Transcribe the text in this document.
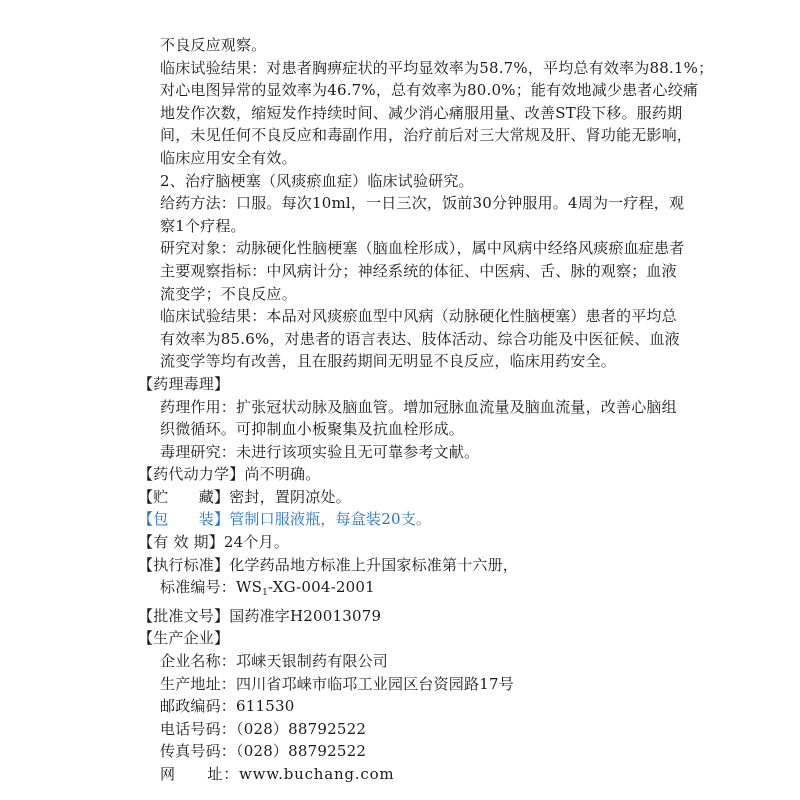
不良反应观察。
临床试验结果：对患者胸痹症状的平均显效率为58.7%，平均总有效率为88.1%；
对心电图异常的显效率为46.7%，总有效率为80.0%；能有效地减少患者心绞痛
地发作次数，缩短发作持续时间、减少消心痛服用量、改善ST段下移。服药期
间，未见任何不良反应和毒副作用，治疗前后对三大常规及肝、肾功能无影响，
临床应用安全有效。
2、治疗脑梗塞（风痰瘀血症）临床试验研究。
给药方法：口服。每次10ml，一日三次，饭前30分钟服用。4周为一疗程，观
察1个疗程。
研究对象：动脉硬化性脑梗塞（脑血栓形成），属中风病中经络风痰瘀血症患者
主要观察指标：中风病计分；神经系统的体征、中医病、舌、脉的观察；血液
流变学；不良反应。
临床试验结果：本品对风痰瘀血型中风病（动脉硬化性脑梗塞）患者的平均总
有效率为85.6%，对患者的语言表达、肢体活动、综合功能及中医征候、血液
流变学等均有改善，且在服药期间无明显不良反应，临床用药安全。
【药理毒理】
药理作用：扩张冠状动脉及脑血管。增加冠脉血流量及脑血流量，改善心脑组
织微循环。可抑制血小板聚集及抗血栓形成。
毒理研究：未进行该项实验且无可靠参考文献。
【药代动力学】尚不明确。
【贮　　藏】密封，置阴凉处。
【包　　装】管制口服液瓶，每盒装20支。
【有 效 期】24个月。
【执行标准】化学药品地方标准上升国家标准第十六册，
标准编号：$WS_1-XG-004-2001$
【批准文号】国药准字H20013079
【生产企业】
企业名称：邛崃天银制药有限公司
生产地址：四川省邛崃市临邛工业园区台资园路17号
邮政编码：611530
电话号码：（028）88792522
传真号码：（028）88792522
网　　址：www.buchang.com
